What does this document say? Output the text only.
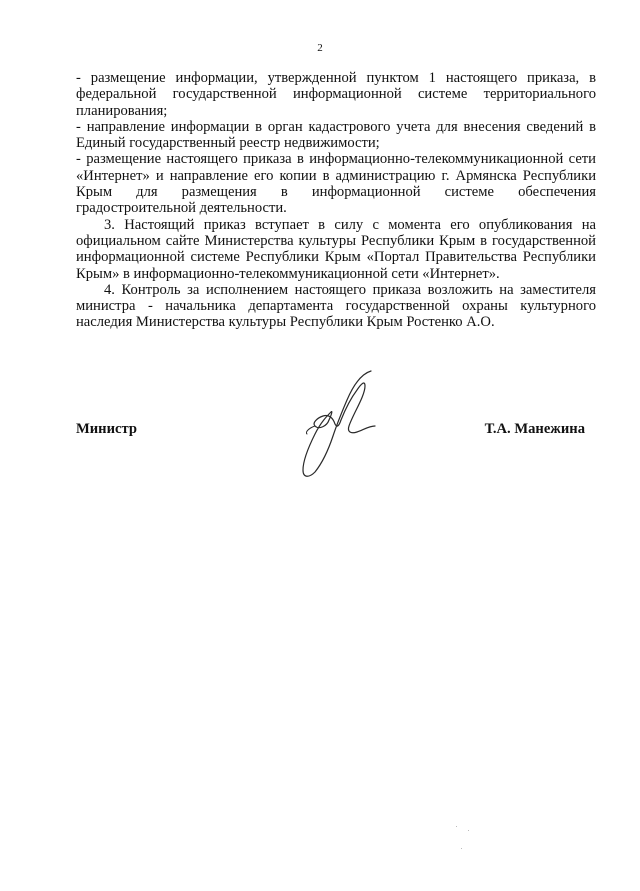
2

- размещение информации, утвержденной пунктом 1 настоящего приказа, в федеральной государственной информационной системе территориального планирования;

- направление информации в орган кадастрового учета для внесения сведений в Единый государственный реестр недвижимости;

- размещение настоящего приказа в информационно-телекоммуникационной сети «Интернет» и направление его копии в администрацию г. Армянска Республики Крым для размещения в информационной системе обеспечения градостроительной деятельности.

3. Настоящий приказ вступает в силу с момента его опубликования на официальном сайте Министерства культуры Республики Крым в государственной информационной системе Республики Крым «Портал Правительства Республики Крым» в информационно-телекоммуникационной сети «Интернет».

4. Контроль за исполнением настоящего приказа возложить на заместителя министра - начальника департамента государственной охраны культурного наследия Министерства культуры Республики Крым Ростенко А.О.

Министр	Т.А. Манежина
